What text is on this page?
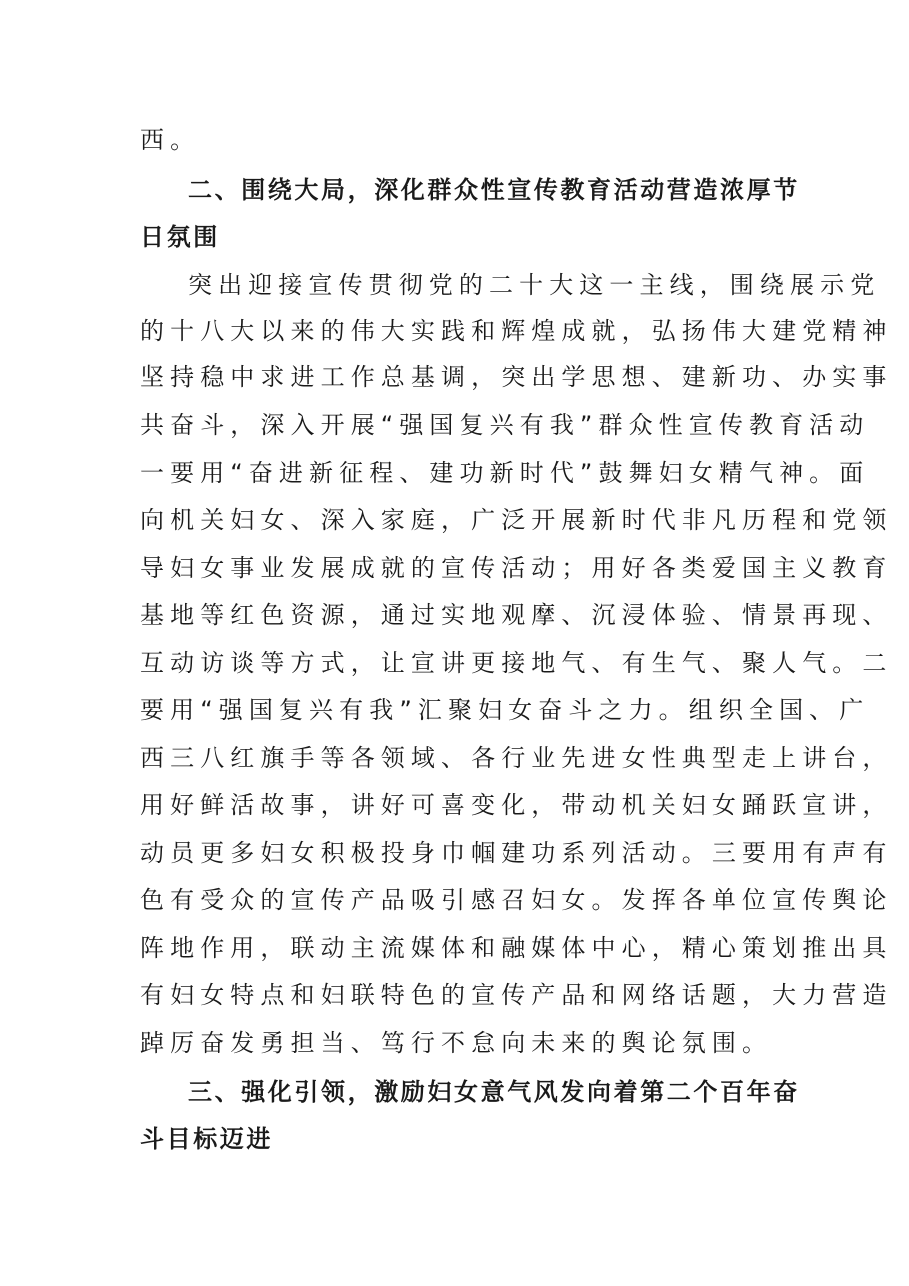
西。
二、围绕大局，深化群众性宣传教育活动营造浓厚节
日氛围
突出迎接宣传贯彻党的二十大这一主线，围绕展示党
的十八大以来的伟大实践和辉煌成就，弘扬伟大建党精神
坚持稳中求进工作总基调，突出学思想、建新功、办实事
共奋斗，深入开展“强国复兴有我”群众性宣传教育活动
一要用“奋进新征程、建功新时代”鼓舞妇女精气神。面
向机关妇女、深入家庭，广泛开展新时代非凡历程和党领
导妇女事业发展成就的宣传活动；用好各类爱国主义教育
基地等红色资源，通过实地观摩、沉浸体验、情景再现、
互动访谈等方式，让宣讲更接地气、有生气、聚人气。二
要用“强国复兴有我”汇聚妇女奋斗之力。组织全国、广
西三八红旗手等各领域、各行业先进女性典型走上讲台，
用好鲜活故事，讲好可喜变化，带动机关妇女踊跃宣讲，
动员更多妇女积极投身巾帼建功系列活动。三要用有声有
色有受众的宣传产品吸引感召妇女。发挥各单位宣传舆论
阵地作用，联动主流媒体和融媒体中心，精心策划推出具
有妇女特点和妇联特色的宣传产品和网络话题，大力营造
踔厉奋发勇担当、笃行不怠向未来的舆论氛围。
三、强化引领，激励妇女意气风发向着第二个百年奋
斗目标迈进
